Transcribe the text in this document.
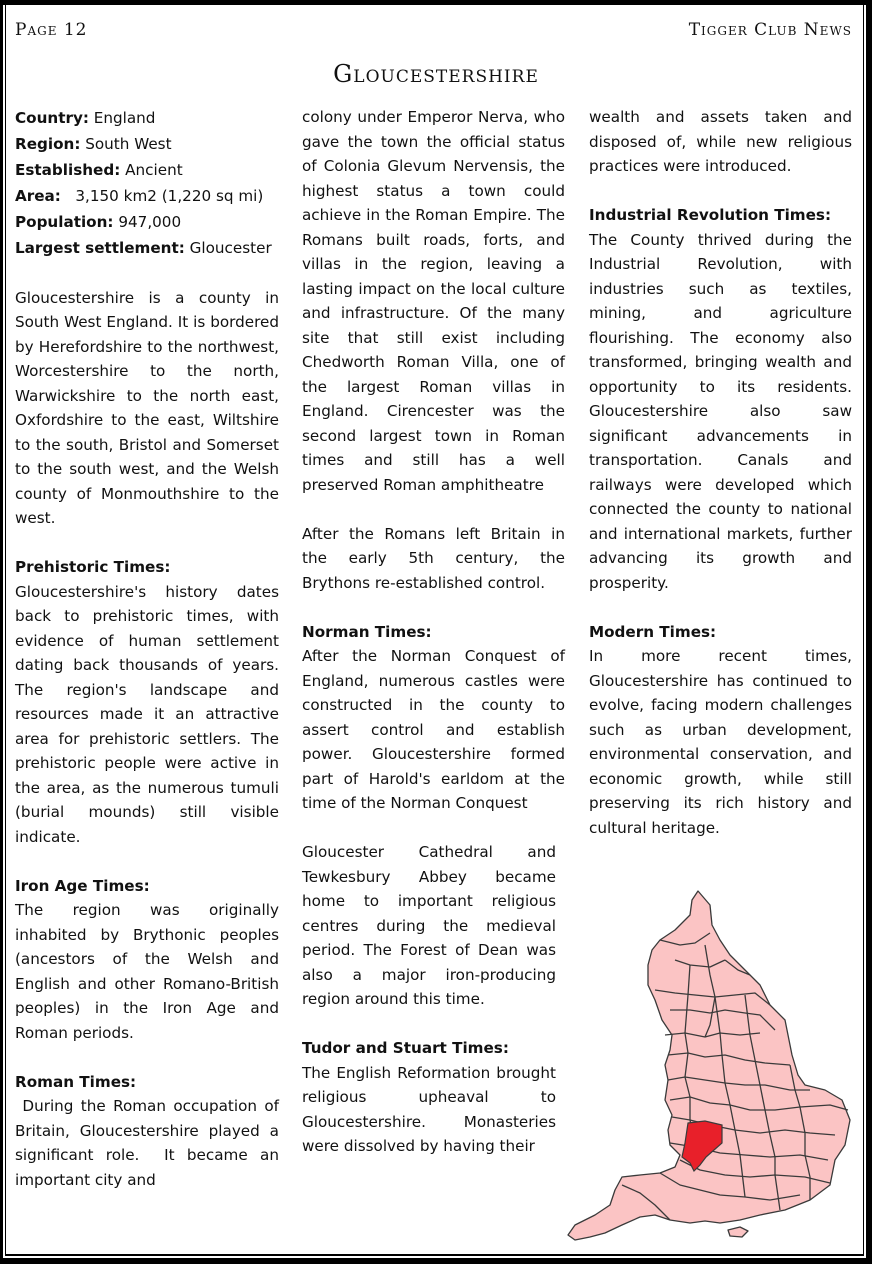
Page 12	Tigger Club News
Gloucestershire

Country: England

Region: South West

Established: Ancient

Area:   3,150 km2 (1,220 sq mi)

Population: 947,000

Largest settlement: Gloucester

Gloucestershire is a county in South West England. It is bordered by Herefordshire to the northwest, Worcestershire to the north, Warwickshire to the north east, Oxfordshire to the east, Wiltshire to the south, Bristol and Somerset to the south west, and the Welsh county of Monmouthshire to the west.

Prehistoric Times:

Gloucestershire's history dates back to prehistoric times, with evidence of human settlement dating back thousands of years. The region's landscape and resources made it an attractive area for prehistoric settlers. The prehistoric people were active in the area, as the numerous tumuli (burial mounds) still visible indicate.

Iron Age Times:

The region was originally inhabited by Brythonic peoples (ancestors of the Welsh and English and other Romano-British peoples) in the Iron Age and Roman periods.

Roman Times:

During the Roman occupation of Britain, Gloucestershire played a significant role.  It became an important city and

colony under Emperor Nerva, who gave the town the official status of Colonia Glevum Nervensis, the highest status a town could achieve in the Roman Empire. The Romans built roads, forts, and villas in the region, leaving a lasting impact on the local culture and infrastructure. Of the many site that still exist including Chedworth Roman Villa, one of the largest Roman villas in England. Cirencester was the second largest town in Roman times and still has a well preserved Roman amphitheatre

After the Romans left Britain in the early 5th century, the Brythons re-established control.

Norman Times:

After the Norman Conquest of England, numerous castles were constructed in the county to assert control and establish power. Gloucestershire formed part of Harold's earldom at the time of the Norman Conquest

Gloucester Cathedral and Tewkesbury Abbey became home to important religious centres during the medieval period. The Forest of Dean was also a major iron-producing region around this time.

Tudor and Stuart Times:

The English Reformation brought religious upheaval to Gloucestershire.  Monasteries were dissolved by having their

wealth and assets taken and disposed of, while new religious practices were introduced.

Industrial Revolution Times:

The County thrived during the Industrial Revolution, with industries such as textiles, mining, and agriculture flourishing. The economy also transformed, bringing wealth and opportunity to its residents. Gloucestershire also saw significant advancements in transportation. Canals and railways were developed which connected the county to national and international markets, further advancing its growth and prosperity.

Modern Times:

In more recent times, Gloucestershire has continued to evolve, facing modern challenges such as urban development, environmental conservation, and economic growth, while still preserving its rich history and cultural heritage.
